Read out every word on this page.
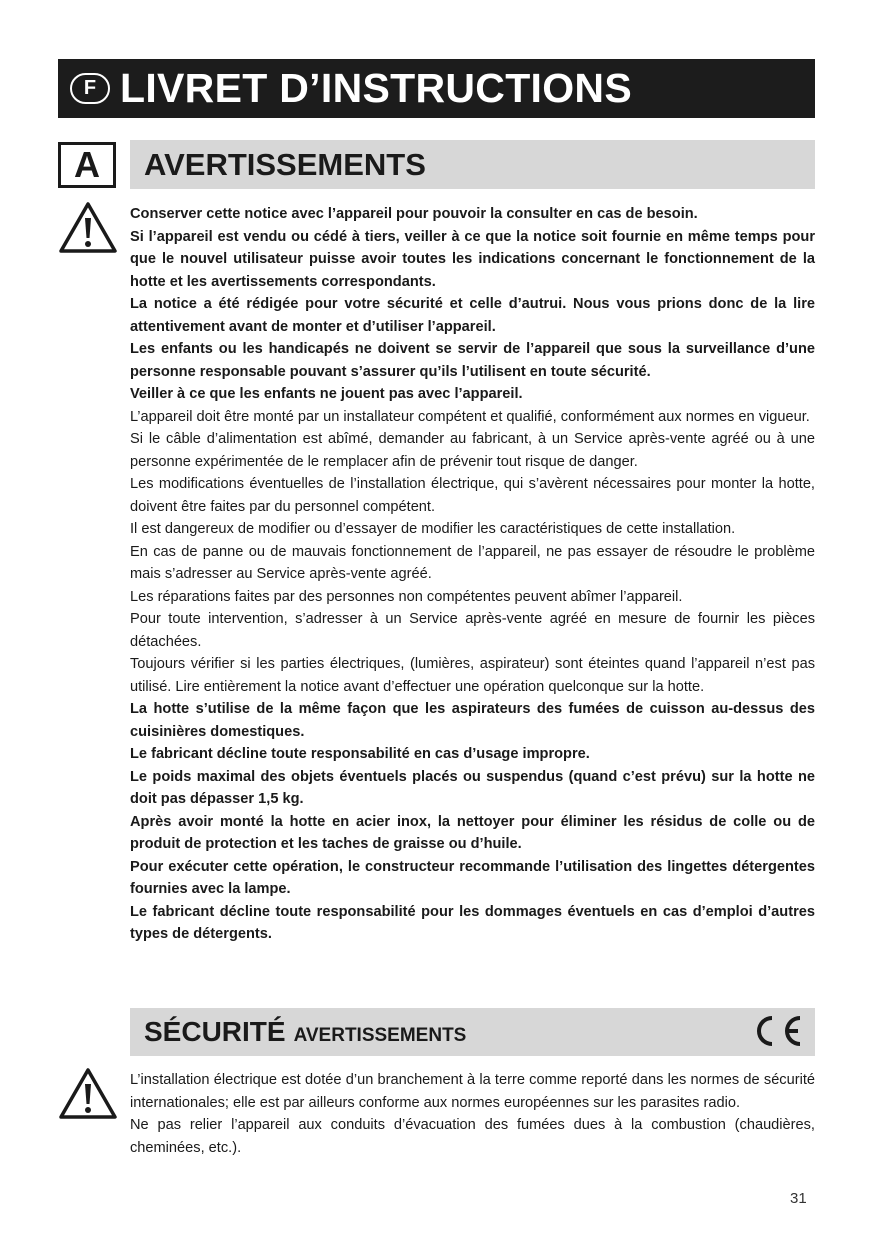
F LIVRET D’INSTRUCTIONS
A	AVERTISSEMENTS

Conserver cette notice avec l’appareil pour pouvoir la consulter en cas de besoin.

Si l’appareil est vendu ou cédé à tiers, veiller à ce que la notice soit fournie en même temps pour que le nouvel utilisateur puisse avoir toutes les indications concernant le fonctionnement de la hotte et les avertissements correspondants.

La notice a été rédigée pour votre sécurité et celle d’autrui. Nous vous prions donc de la lire attentivement avant de monter et d’utiliser l’appareil.

Les enfants ou les handicapés ne doivent se servir de l’appareil que sous la surveillance d’une personne responsable pouvant s’assurer qu’ils l’utilisent en toute sécurité.

Veiller à ce que les enfants ne jouent pas avec l’appareil.

L’appareil doit être monté par un installateur compétent et qualifié, conformément aux normes en vigueur.

Si le câble d’alimentation est abîmé, demander au fabricant, à un Service après-vente agréé ou à une personne expérimentée de le remplacer afin de prévenir tout risque de danger.

Les modifications éventuelles de l’installation électrique, qui s’avèrent nécessaires pour monter la hotte, doivent être faites par du personnel compétent.

Il est dangereux de modifier ou d’essayer de modifier les caractéristiques de cette installation.

En cas de panne ou de mauvais fonctionnement de l’appareil, ne pas essayer de résoudre le problème mais s’adresser au Service après-vente agréé.

Les réparations faites par des personnes non compétentes peuvent abîmer l’appareil.

Pour toute intervention, s’adresser à un Service après-vente agréé en mesure de fournir les pièces détachées.

Toujours vérifier si les parties électriques, (lumières, aspirateur) sont éteintes quand l’appareil n’est pas utilisé. Lire entièrement la notice avant d’effectuer une opération quelconque sur la hotte.

La hotte s’utilise de la même façon que les aspirateurs des fumées de cuisson au-dessus des cuisinières domestiques.

Le fabricant décline toute responsabilité en cas d’usage impropre.

Le poids maximal des objets éventuels placés ou suspendus (quand c’est prévu) sur la hotte ne doit pas dépasser 1,5 kg.

Après avoir monté la hotte en acier inox, la nettoyer pour éliminer les résidus de colle ou de produit de protection et les taches de graisse ou d’huile.

Pour exécuter cette opération, le constructeur recommande l’utilisation des lingettes détergentes fournies avec la lampe.

Le fabricant décline toute responsabilité pour les dommages éventuels en cas d’emploi d’autres types de détergents.

SÉCURITÉ AVERTISSEMENTS

L’installation électrique est dotée d’un branchement à la terre comme reporté dans les normes de sécurité internationales; elle est par ailleurs conforme aux normes européennes sur les parasites radio.

Ne pas relier l’appareil aux conduits d’évacuation des fumées dues à la combustion (chaudières, cheminées, etc.).

31
